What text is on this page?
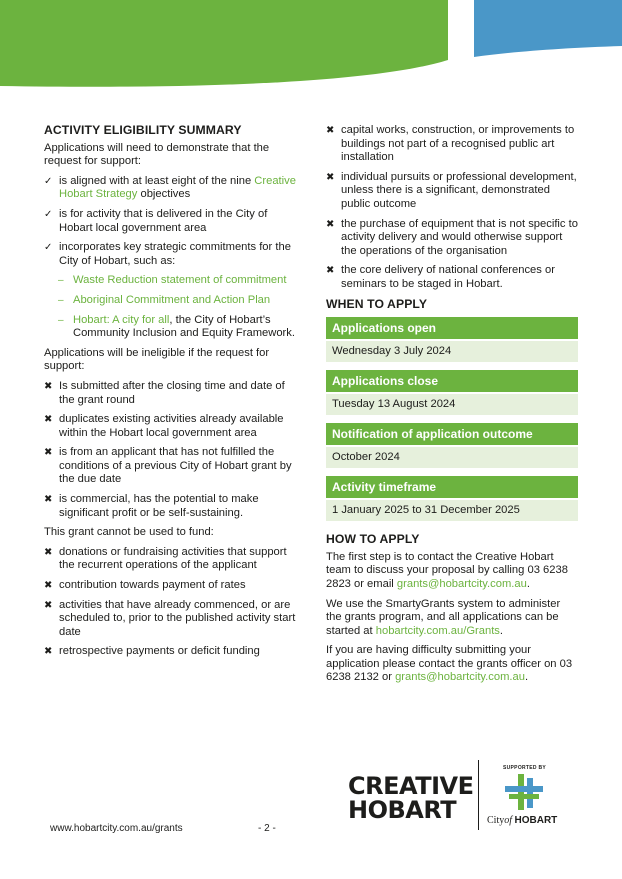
ACTIVITY ELIGIBILITY SUMMARY

Applications will need to demonstrate that the request for support:

✓ is aligned with at least eight of the nine Creative Hobart Strategy objectives
✓ is for activity that is delivered in the City of Hobart local government area
✓ incorporates key strategic commitments for the City of Hobart, such as:
– Waste Reduction statement of commitment
– Aboriginal Commitment and Action Plan
– Hobart: A city for all, the City of Hobart’s Community Inclusion and Equity Framework.

Applications will be ineligible if the request for support:

✖ Is submitted after the closing time and date of the grant round
✖ duplicates existing activities already available within the Hobart local government area
✖ is from an applicant that has not fulfilled the conditions of a previous City of Hobart grant by the due date
✖ is commercial, has the potential to make significant profit or be self-sustaining.

This grant cannot be used to fund:

✖ donations or fundraising activities that support the recurrent operations of the applicant
✖ contribution towards payment of rates
✖ activities that have already commenced, or are scheduled to, prior to the published activity start date
✖ retrospective payments or deficit funding
✖ capital works, construction, or improvements to buildings not part of a recognised public art installation
✖ individual pursuits or professional development, unless there is a significant, demonstrated public outcome
✖ the purchase of equipment that is not specific to activity delivery and would otherwise support the operations of the organisation
✖ the core delivery of national conferences or seminars to be staged in Hobart.
WHEN TO APPLY
Applications open
Wednesday 3 July 2024
Applications close
Tuesday 13 August 2024
Notification of application outcome
October 2024
Activity timeframe
1 January 2025 to 31 December 2025
HOW TO APPLY

The first step is to contact the Creative Hobart team to discuss your proposal by calling 03 6238 2823 or email grants@hobartcity.com.au.

We use the SmartyGrants system to administer the grants program, and all applications can be started at hobartcity.com.au/Grants.

If you are having difficulty submitting your application please contact the grants officer on 03 6238 2132 or grants@hobartcity.com.au.

CREATIVE
HOBART
SUPPORTED BY
Cityof HOBART
www.hobartcity.com.au/grants	- 2 -
